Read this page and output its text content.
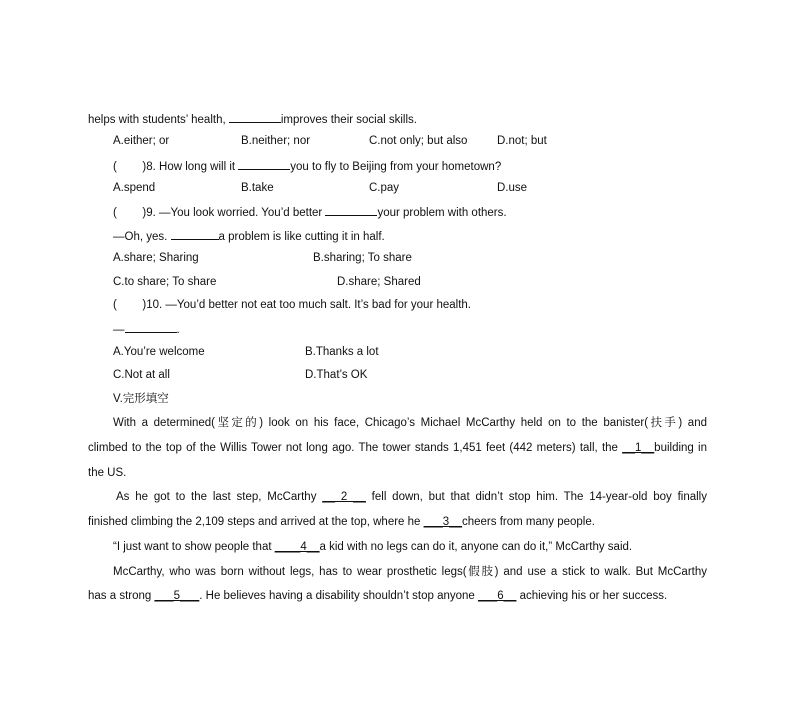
helps with students’ health,	improves their social skills.
A.either; or	B.neither; nor	C.not only; but also	D.not; but
(        )8. How long will it	you to fly to Beijing from your hometown?
A.spend	B.take	C.pay	D.use
(        )9. —You look worried. You’d better	your problem with others.
—Oh, yes.	a problem is like cutting it in half.
A.share; Sharing	B.sharing; To share
C.to share; To share	D.share; Shared
(        )10. —You’d better not eat too much salt. It’s bad for your health.
—	.
A.You’re welcome	B.Thanks a lot
C.Not at all	D.That’s OK
V.完形填空
With a determined(坚定的) look on his face, Chicago’s Michael McCarthy held on to the banister(扶手) and
climbed to the top of the Willis Tower not long ago. The tower stands 1,451 feet (442 meters) tall, the __1__building in
the US.
As he got to the last step, McCarthy __ 2 __ fell down, but that didn’t stop him. The 14-year-old boy finally
finished climbing the 2,109 steps and arrived at the top, where he ___3__cheers from many people.
“I just want to show people that ____4__a kid with no legs can do it, anyone can do it,” McCarthy said.
McCarthy, who was born without legs, has to wear prosthetic legs(假肢) and use a stick to walk. But McCarthy
has a strong ___5___. He believes having a disability shouldn’t stop anyone ___6__ achieving his or her success.
